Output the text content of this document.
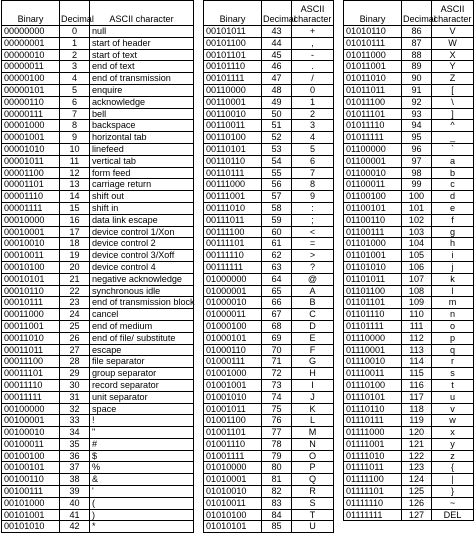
Binary	Decimal	ASCII character
00000000	0	null
00000001	1	start of header
00000010	2	start of text
00000011	3	end of text
00000100	4	end of transmission
00000101	5	enquire
00000110	6	acknowledge
00000111	7	bell
00001000	8	backspace
00001001	9	horizontal tab
00001010	10	linefeed
00001011	11	vertical tab
00001100	12	form feed
00001101	13	carriage return
00001110	14	shift out
00001111	15	shift in
00010000	16	data link escape
00010001	17	device control 1/Xon
00010010	18	device control 2
00010011	19	device control 3/Xoff
00010100	20	device control 4
00010101	21	negative acknowledge
00010110	22	synchronous idle
00010111	23	end of transmission block
00011000	24	cancel
00011001	25	end of medium
00011010	26	end of file/ substitute
00011011	27	escape
00011100	28	file separator
00011101	29	group separator
00011110	30	record separator
00011111	31	unit separator
00100000	32	space
00100001	33	!
00100010	34	"
00100011	35	#
00100100	36	$
00100101	37	%
00100110	38	&
00100111	39	'
00101000	40	(
00101001	41	)
00101010	42	*
Binary	Decimal	ASCII character
00101011	43	+
00101100	44	,
00101101	45	-
00101110	46	.
00101111	47	/
00110000	48	0
00110001	49	1
00110010	50	2
00110011	51	3
00110100	52	4
00110101	53	5
00110110	54	6
00110111	55	7
00111000	56	8
00111001	57	9
00111010	58	:
00111011	59	;
00111100	60	<
00111101	61	=
00111110	62	>
00111111	63	?
01000000	64	@
01000001	65	A
01000010	66	B
01000011	67	C
01000100	68	D
01000101	69	E
01000110	70	F
01000111	71	G
01001000	72	H
01001001	73	I
01001010	74	J
01001011	75	K
01001100	76	L
01001101	77	M
01001110	78	N
01001111	79	O
01010000	80	P
01010001	81	Q
01010010	82	R
01010011	83	S
01010100	84	T
01010101	85	U
Binary	Decimal	ASCII character
01010110	86	V
01010111	87	W
01011000	88	X
01011001	89	Y
01011010	90	Z
01011011	91	[
01011100	92	\
01011101	93	]
01011110	94	^
01011111	95	_
01100000	96	`
01100001	97	a
01100010	98	b
01100011	99	c
01100100	100	d
01100101	101	e
01100110	102	f
01100111	103	g
01101000	104	h
01101001	105	i
01101010	106	j
01101011	107	k
01101100	108	l
01101101	109	m
01101110	110	n
01101111	111	o
01110000	112	p
01110001	113	q
01110010	114	r
01110011	115	s
01110100	116	t
01110101	117	u
01110110	118	v
01110111	119	w
01111000	120	x
01111001	121	y
01111010	122	z
01111011	123	{
01111100	124	|
01111101	125	}
01111110	126	~
01111111	127	DEL
